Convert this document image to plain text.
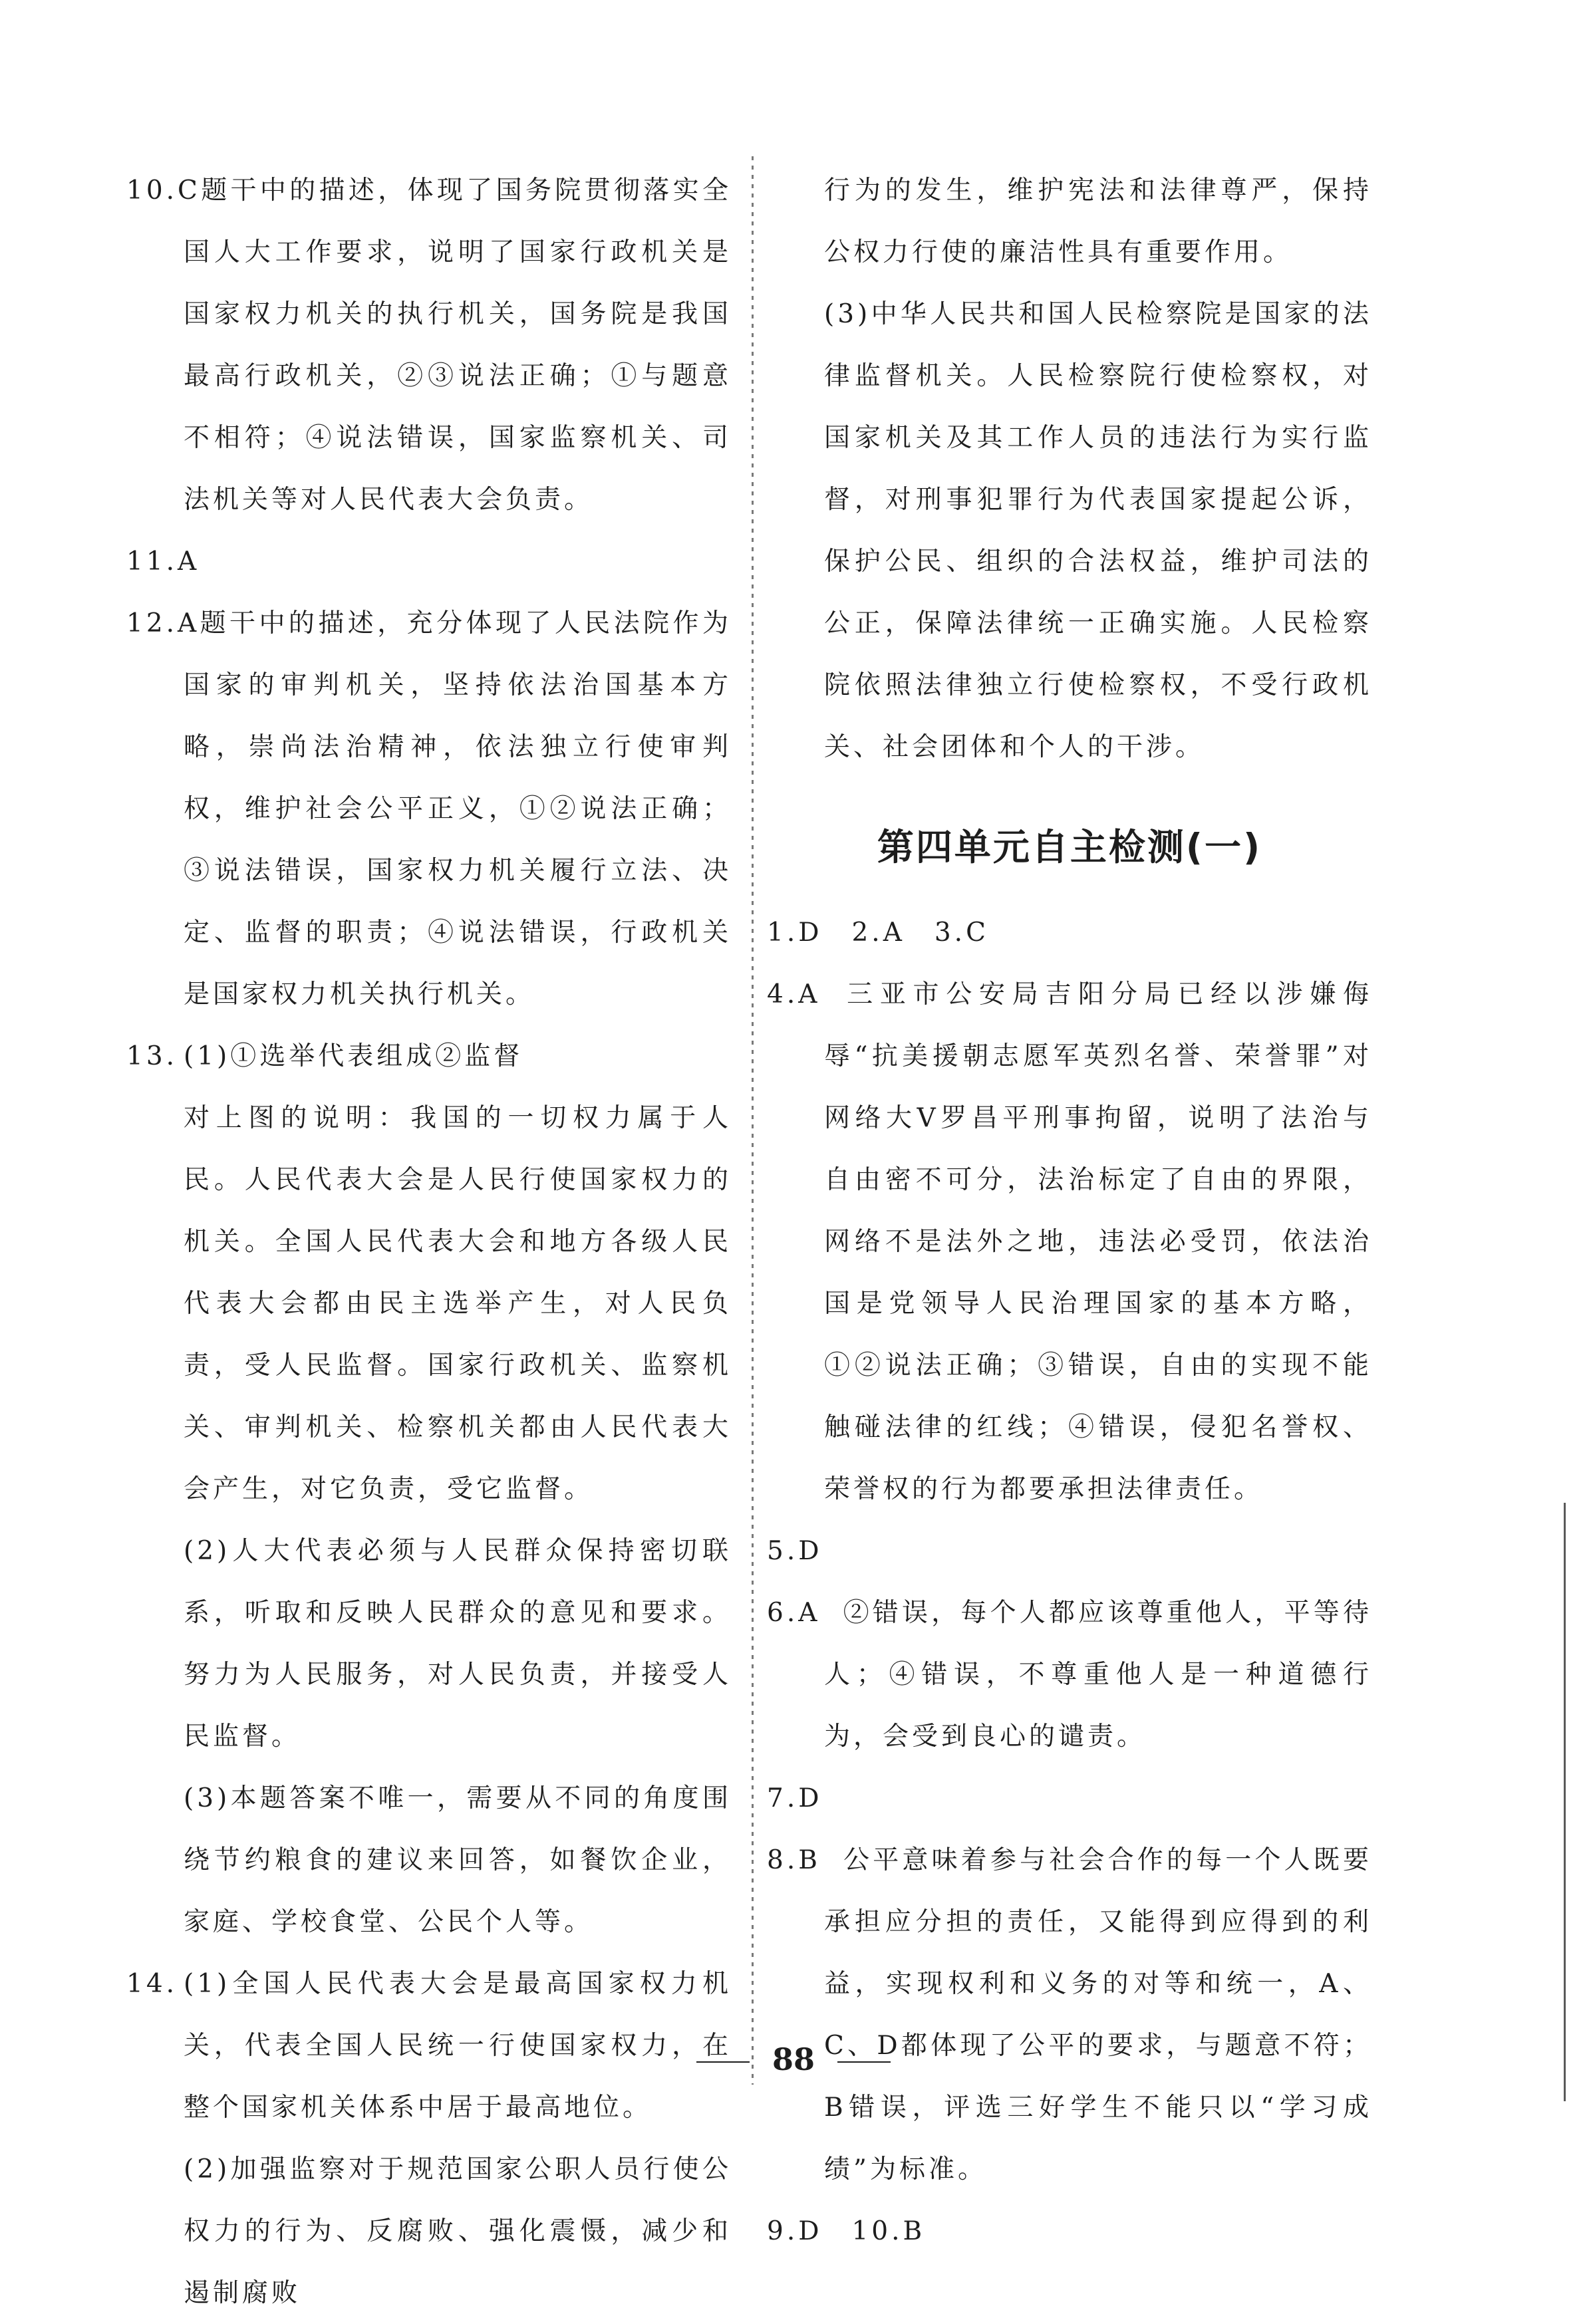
10.C题干中的描述，体现了国务院贯彻落实全国人大工作要求，说明了国家行政机关是国家权力机关的执行机关，国务院是我国最高行政机关，②③说法正确；①与题意不相符；④说法错误，国家监察机关、司法机关等对人民代表大会负责。

11.A

12.A题干中的描述，充分体现了人民法院作为国家的审判机关，坚持依法治国基本方略，崇尚法治精神，依法独立行使审判权，维护社会公平正义，①②说法正确；③说法错误，国家权力机关履行立法、决定、监督的职责；④说法错误，行政机关是国家权力机关执行机关。

13. (1)①选举代表组成②监督

对上图的说明：我国的一切权力属于人民。人民代表大会是人民行使国家权力的机关。全国人民代表大会和地方各级人民代表大会都由民主选举产生，对人民负责，受人民监督。国家行政机关、监察机关、审判机关、检察机关都由人民代表大会产生，对它负责，受它监督。

(2)人大代表必须与人民群众保持密切联系，听取和反映人民群众的意见和要求。努力为人民服务，对人民负责，并接受人民监督。

(3)本题答案不唯一，需要从不同的角度围绕节约粮食的建议来回答，如餐饮企业，家庭、学校食堂、公民个人等。

14. (1)全国人民代表大会是最高国家权力机关，代表全国人民统一行使国家权力，在整个国家机关体系中居于最高地位。

(2)加强监察对于规范国家公职人员行使公权力的行为、反腐败、强化震慑，减少和遏制腐败

行为的发生，维护宪法和法律尊严，保持公权力行使的廉洁性具有重要作用。

(3)中华人民共和国人民检察院是国家的法律监督机关。人民检察院行使检察权，对国家机关及其工作人员的违法行为实行监督，对刑事犯罪行为代表国家提起公诉，保护公民、组织的合法权益，维护司法的公正，保障法律统一正确实施。人民检察院依照法律独立行使检察权，不受行政机关、社会团体和个人的干涉。

第四单元自主检测(一)
1.D 2.A 3.C

4.A 三亚市公安局吉阳分局已经以涉嫌侮辱“抗美援朝志愿军英烈名誉、荣誉罪”对网络大V罗昌平刑事拘留，说明了法治与自由密不可分，法治标定了自由的界限，网络不是法外之地，违法必受罚，依法治国是党领导人民治理国家的基本方略，①②说法正确；③错误，自由的实现不能触碰法律的红线；④错误，侵犯名誉权、荣誉权的行为都要承担法律责任。

5.D

6.A ②错误，每个人都应该尊重他人，平等待人；④错误，不尊重他人是一种道德行为，会受到良心的谴责。

7.D

8.B 公平意味着参与社会合作的每一个人既要承担应分担的责任，又能得到应得到的利益，实现权利和义务的对等和统一，A、C、D都体现了公平的要求，与题意不符；B错误，评选三好学生不能只以“学习成绩”为标准。

9.D 10.B
88
